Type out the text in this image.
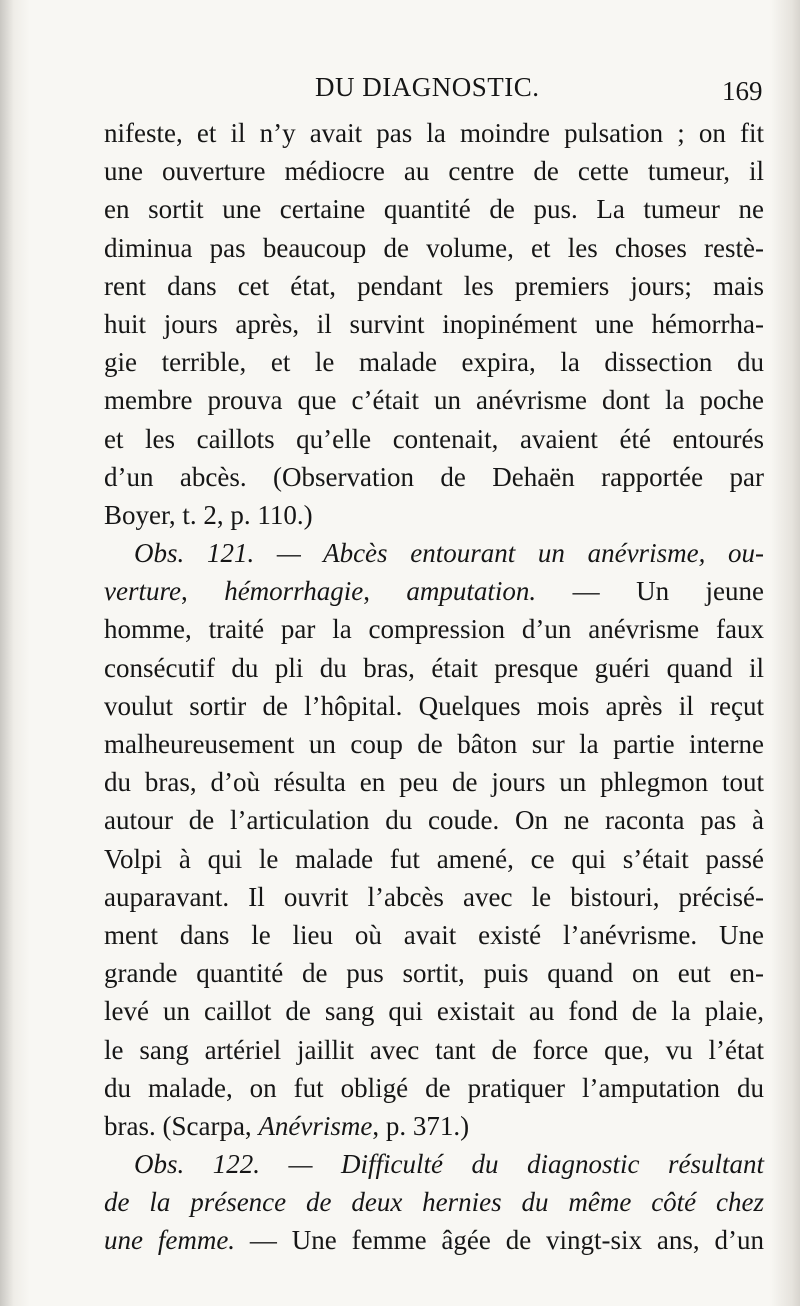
DU DIAGNOSTIC.	169
nifeste, et il n’y avait pas la moindre pulsation ; on fit
une ouverture médiocre au centre de cette tumeur, il
en sortit une certaine quantité de pus. La tumeur ne
diminua pas beaucoup de volume, et les choses restè-
rent dans cet état, pendant les premiers jours; mais
huit jours après, il survint inopinément une hémorrha-
gie terrible, et le malade expira, la dissection du
membre prouva que c’était un anévrisme dont la poche
et les caillots qu’elle contenait, avaient été entourés
d’un abcès. (Observation de Dehaën rapportée par
Boyer, t. 2, p. 110.)
Obs. 121. — Abcès entourant un anévrisme, ou-
verture, hémorrhagie, amputation. — Un jeune
homme, traité par la compression d’un anévrisme faux
consécutif du pli du bras, était presque guéri quand il
voulut sortir de l’hôpital. Quelques mois après il reçut
malheureusement un coup de bâton sur la partie interne
du bras, d’où résulta en peu de jours un phlegmon tout
autour de l’articulation du coude. On ne raconta pas à
Volpi à qui le malade fut amené, ce qui s’était passé
auparavant. Il ouvrit l’abcès avec le bistouri, précisé-
ment dans le lieu où avait existé l’anévrisme. Une
grande quantité de pus sortit, puis quand on eut en-
levé un caillot de sang qui existait au fond de la plaie,
le sang artériel jaillit avec tant de force que, vu l’état
du malade, on fut obligé de pratiquer l’amputation du
bras. (Scarpa, Anévrisme, p. 371.)
Obs. 122. — Difficulté du diagnostic résultant
de la présence de deux hernies du même côté chez
une femme. — Une femme âgée de vingt-six ans, d’un
